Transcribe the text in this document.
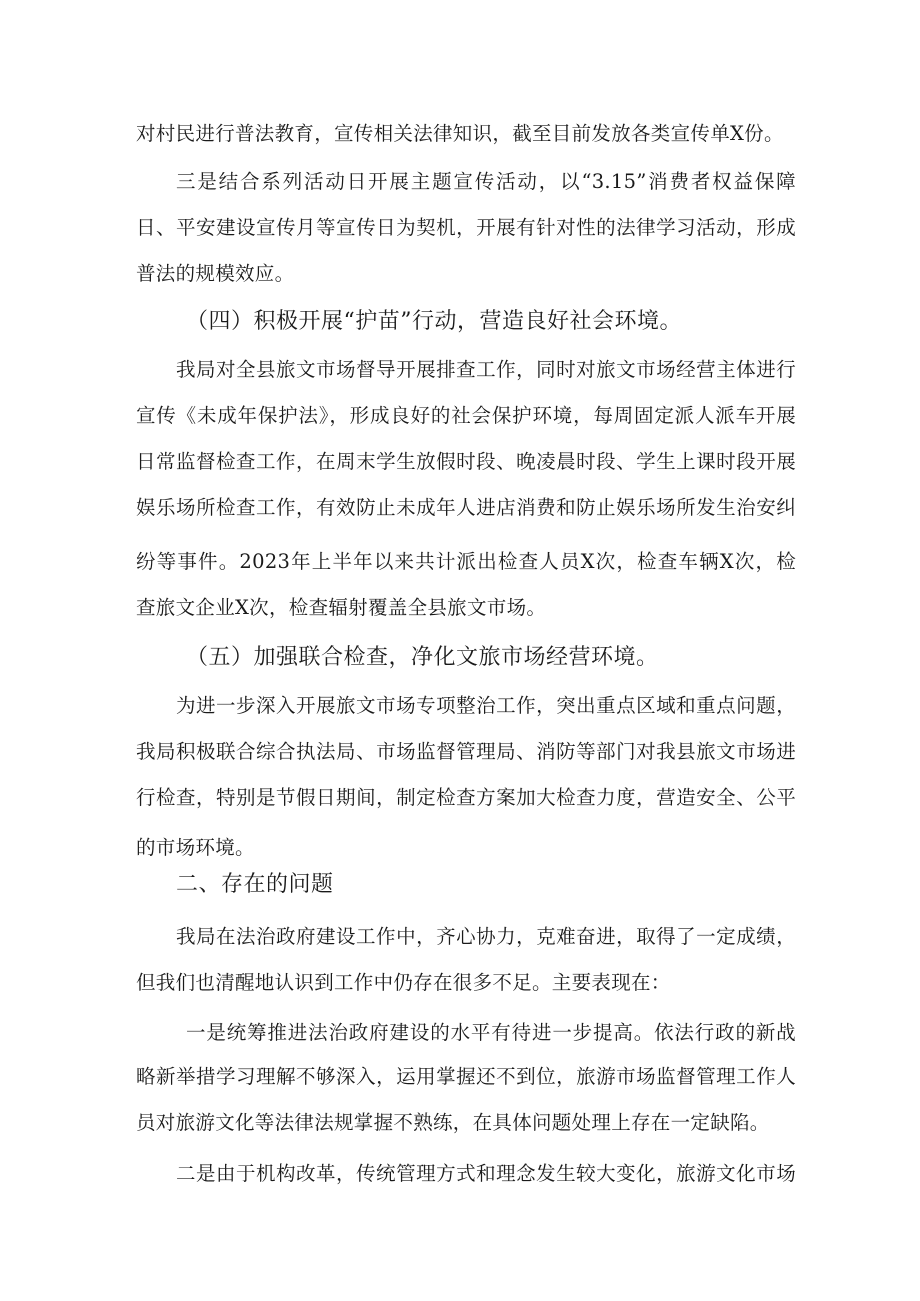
对村民进行普法教育，宣传相关法律知识，截至目前发放各类宣传单X份。
三是结合系列活动日开展主题宣传活动，以“3.15”消费者权益保障
日、平安建设宣传月等宣传日为契机，开展有针对性的法律学习活动，形成
普法的规模效应。
（四）积极开展“护苗”行动，营造良好社会环境。
我局对全县旅文市场督导开展排查工作，同时对旅文市场经营主体进行
宣传《未成年保护法》，形成良好的社会保护环境，每周固定派人派车开展
日常监督检查工作，在周末学生放假时段、晚凌晨时段、学生上课时段开展
娱乐场所检查工作，有效防止未成年人进店消费和防止娱乐场所发生治安纠
纷等事件。2023年上半年以来共计派出检查人员X次，检查车辆X次，检
查旅文企业X次，检查辐射覆盖全县旅文市场。
（五）加强联合检查，净化文旅市场经营环境。
为进一步深入开展旅文市场专项整治工作，突出重点区域和重点问题，
我局积极联合综合执法局、市场监督管理局、消防等部门对我县旅文市场进
行检查，特别是节假日期间，制定检查方案加大检查力度，营造安全、公平
的市场环境。
二、存在的问题
我局在法治政府建设工作中，齐心协力，克难奋进，取得了一定成绩，
但我们也清醒地认识到工作中仍存在很多不足。主要表现在：
一是统筹推进法治政府建设的水平有待进一步提高。依法行政的新战
略新举措学习理解不够深入，运用掌握还不到位，旅游市场监督管理工作人
员对旅游文化等法律法规掌握不熟练，在具体问题处理上存在一定缺陷。
二是由于机构改革，传统管理方式和理念发生较大变化，旅游文化市场
